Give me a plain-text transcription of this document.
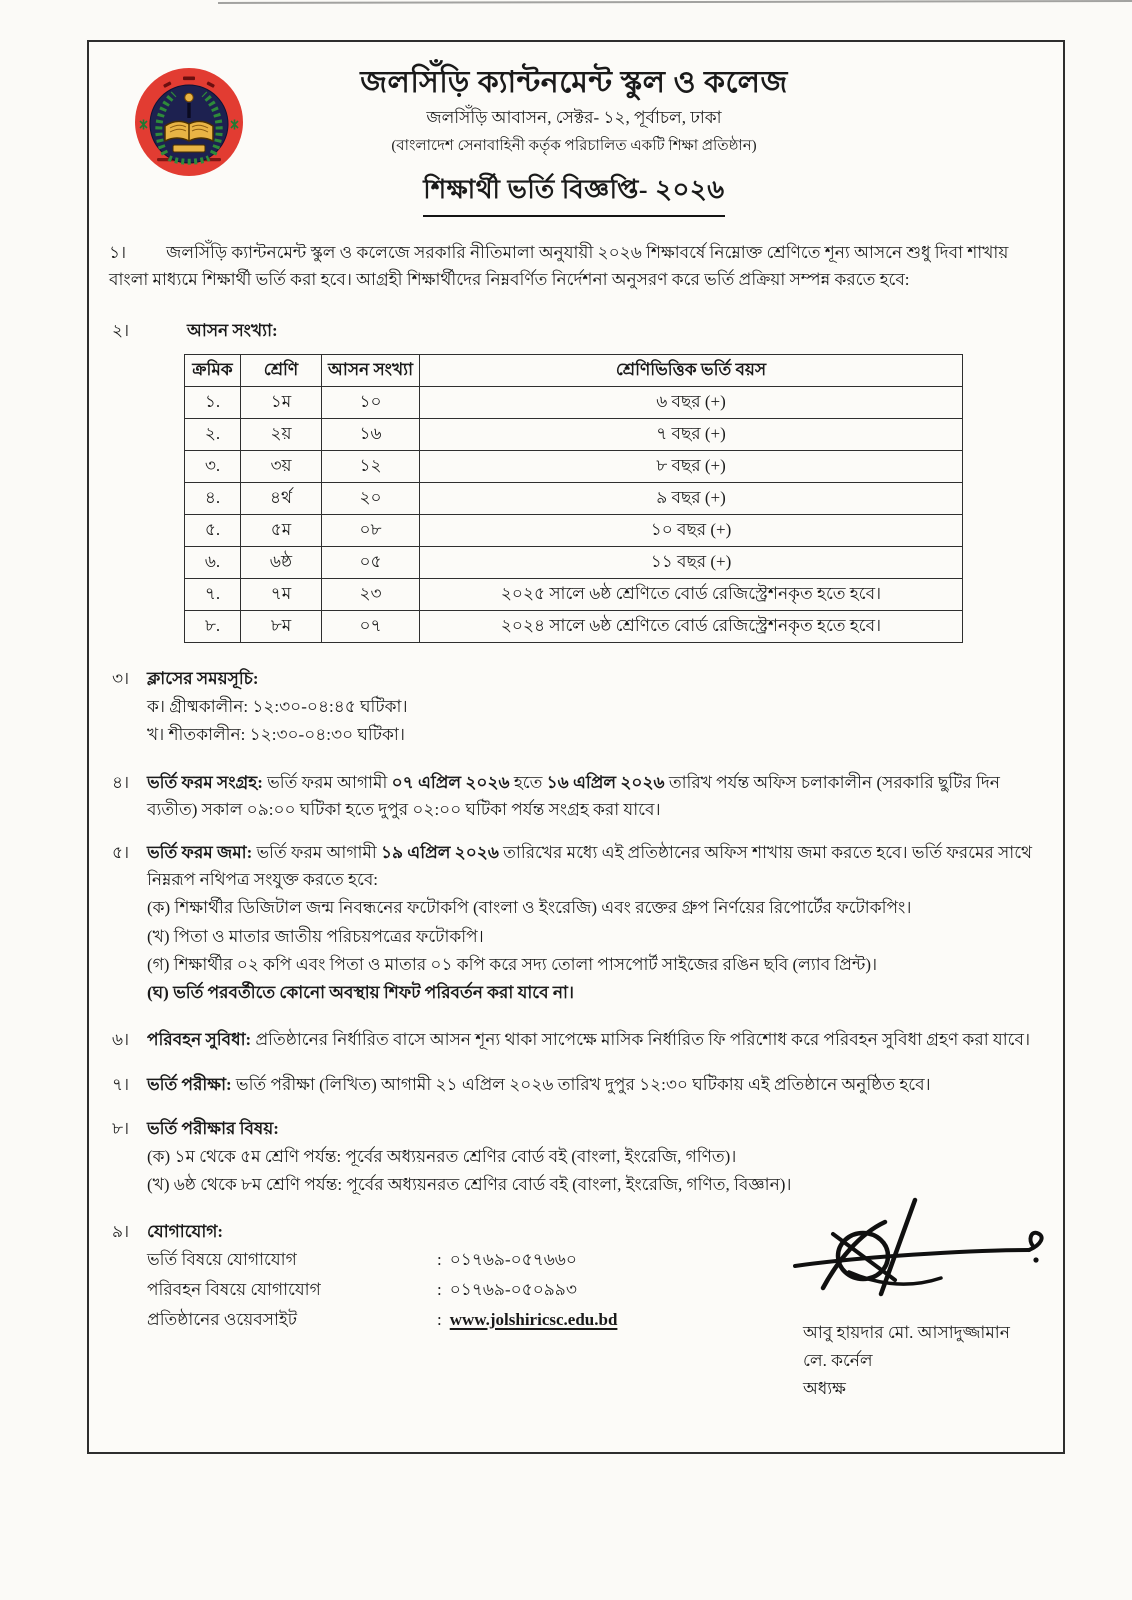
জলসিঁড়ি ক্যান্টনমেন্ট স্কুল ও কলেজ
জলসিঁড়ি আবাসন, সেক্টর- ১২, পূর্বাচল, ঢাকা
(বাংলাদেশ সেনাবাহিনী কর্তৃক পরিচালিত একটি শিক্ষা প্রতিষ্ঠান)
শিক্ষার্থী ভর্তি বিজ্ঞপ্তি- ২০২৬
১। জলসিঁড়ি ক্যান্টনমেন্ট স্কুল ও কলেজে সরকারি নীতিমালা অনুযায়ী ২০২৬ শিক্ষাবর্ষে নিম্নোক্ত শ্রেণিতে শূন্য আসনে শুধু দিবা শাখায় বাংলা মাধ্যমে শিক্ষার্থী ভর্তি করা হবে। আগ্রহী শিক্ষার্থীদের নিম্নবর্ণিত নির্দেশনা অনুসরণ করে ভর্তি প্রক্রিয়া সম্পন্ন করতে হবে:
২।	আসন সংখ্যা:
ক্রমিক	শ্রেণি	আসন সংখ্যা	শ্রেণিভিত্তিক ভর্তি বয়স
১.	১ম	১০	৬ বছর (+)
২.	২য়	১৬	৭ বছর (+)
৩.	৩য়	১২	৮ বছর (+)
৪.	৪র্থ	২০	৯ বছর (+)
৫.	৫ম	০৮	১০ বছর (+)
৬.	৬ষ্ঠ	০৫	১১ বছর (+)
৭.	৭ম	২৩	২০২৫ সালে ৬ষ্ঠ শ্রেণিতে বোর্ড রেজিস্ট্রেশনকৃত হতে হবে।
৮.	৮ম	০৭	২০২৪ সালে ৬ষ্ঠ শ্রেণিতে বোর্ড রেজিস্ট্রেশনকৃত হতে হবে।
৩। ক্লাসের সময়সূচি:
ক। গ্রীষ্মকালীন: ১২:৩০-০৪:৪৫ ঘটিকা।
খ। শীতকালীন: ১২:৩০-০৪:৩০ ঘটিকা।
৪। ভর্তি ফরম সংগ্রহ: ভর্তি ফরম আগামী ০৭ এপ্রিল ২০২৬ হতে ১৬ এপ্রিল ২০২৬ তারিখ পর্যন্ত অফিস চলাকালীন (সরকারি ছুটির দিন ব্যতীত) সকাল ০৯:০০ ঘটিকা হতে দুপুর ০২:০০ ঘটিকা পর্যন্ত সংগ্রহ করা যাবে।
৫। ভর্তি ফরম জমা: ভর্তি ফরম আগামী ১৯ এপ্রিল ২০২৬ তারিখের মধ্যে এই প্রতিষ্ঠানের অফিস শাখায় জমা করতে হবে। ভর্তি ফরমের সাথে নিম্নরূপ নথিপত্র সংযুক্ত করতে হবে:
(ক) শিক্ষার্থীর ডিজিটাল জন্ম নিবন্ধনের ফটোকপি (বাংলা ও ইংরেজি) এবং রক্তের গ্রুপ নির্ণয়ের রিপোর্টের ফটোকপিং।
(খ) পিতা ও মাতার জাতীয় পরিচয়পত্রের ফটোকপি।
(গ) শিক্ষার্থীর ০২ কপি এবং পিতা ও মাতার ০১ কপি করে সদ্য তোলা পাসপোর্ট সাইজের রঙিন ছবি (ল্যাব প্রিন্ট)।
(ঘ) ভর্তি পরবর্তীতে কোনো অবস্থায় শিফট পরিবর্তন করা যাবে না।
৬। পরিবহন সুবিধা: প্রতিষ্ঠানের নির্ধারিত বাসে আসন শূন্য থাকা সাপেক্ষে মাসিক নির্ধারিত ফি পরিশোধ করে পরিবহন সুবিধা গ্রহণ করা যাবে।
৭। ভর্তি পরীক্ষা: ভর্তি পরীক্ষা (লিখিত) আগামী ২১ এপ্রিল ২০২৬ তারিখ দুপুর ১২:৩০ ঘটিকায় এই প্রতিষ্ঠানে অনুষ্ঠিত হবে।
৮। ভর্তি পরীক্ষার বিষয়:
(ক) ১ম থেকে ৫ম শ্রেণি পর্যন্ত: পূর্বের অধ্যয়নরত শ্রেণির বোর্ড বই (বাংলা, ইংরেজি, গণিত)।
(খ) ৬ষ্ঠ থেকে ৮ম শ্রেণি পর্যন্ত: পূর্বের অধ্যয়নরত শ্রেণির বোর্ড বই (বাংলা, ইংরেজি, গণিত, বিজ্ঞান)।
৯। যোগাযোগ:
ভর্তি বিষয়ে যোগাযোগ	: ০১৭৬৯-০৫৭৬৬০
পরিবহন বিষয়ে যোগাযোগ	: ০১৭৬৯-০৫০৯৯৩
প্রতিষ্ঠানের ওয়েবসাইট	: www.jolshiricsc.edu.bd
আবু হায়দার মো. আসাদুজ্জামান
লে. কর্নেল
অধ্যক্ষ
